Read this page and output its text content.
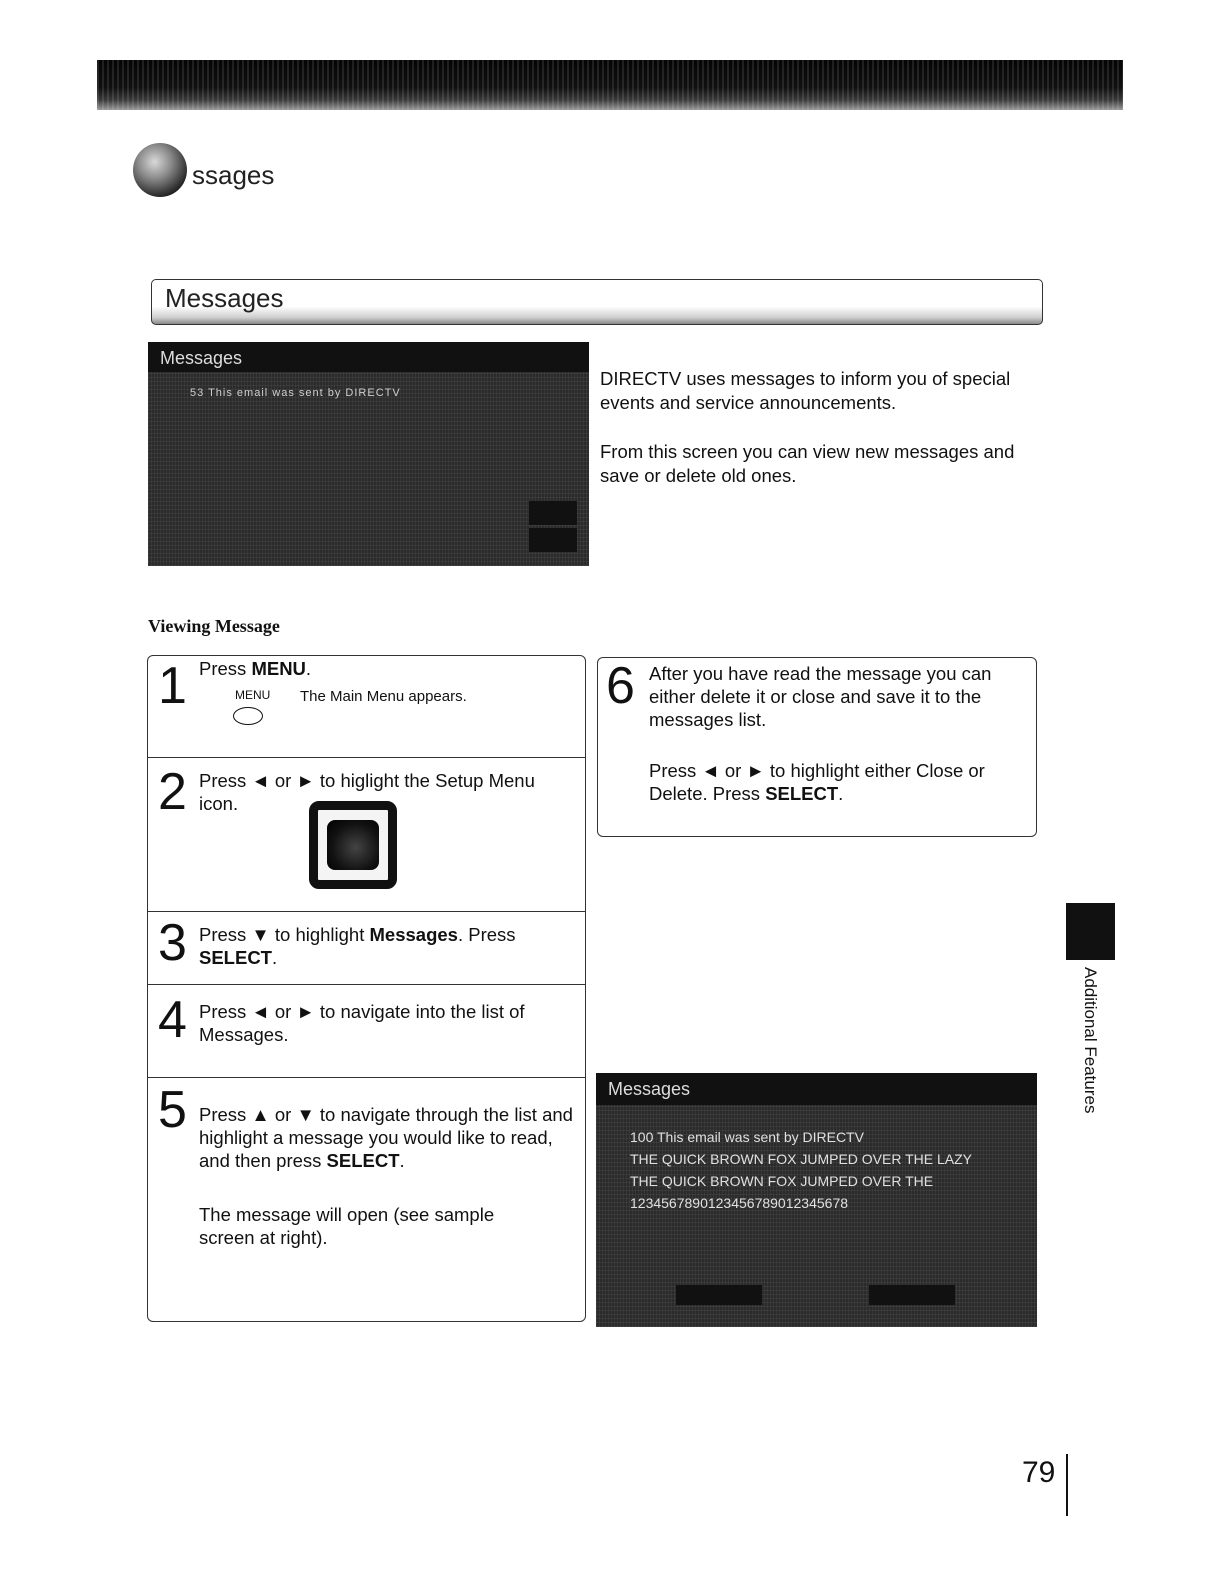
ssages
Messages
Messages
53 This email was sent by DIRECTV
DIRECTV uses messages to inform you of special events and service announcements.
From this screen you can view new messages and save or delete old ones.
Viewing Message
1 Press MENU.
MENU The Main Menu appears.
2 Press ◄ or ► to higlight the Setup Menu icon.
3 Press ▼ to highlight Messages. Press SELECT.
4 Press ◄ or ► to navigate into the list of Messages.
5 Press ▲ or ▼ to navigate through the list and highlight a message you would like to read, and then press SELECT.
The message will open (see sample screen at right).
6 After you have read the message you can either delete it or close and save it to the messages list.
Press ◄ or ► to highlight either Close or Delete. Press SELECT.
Messages
100 This email was sent by DIRECTV
THE QUICK BROWN FOX JUMPED OVER THE LAZY
THE QUICK BROWN FOX JUMPED OVER THE
1234567890123456789012345678
Additional Features
79
